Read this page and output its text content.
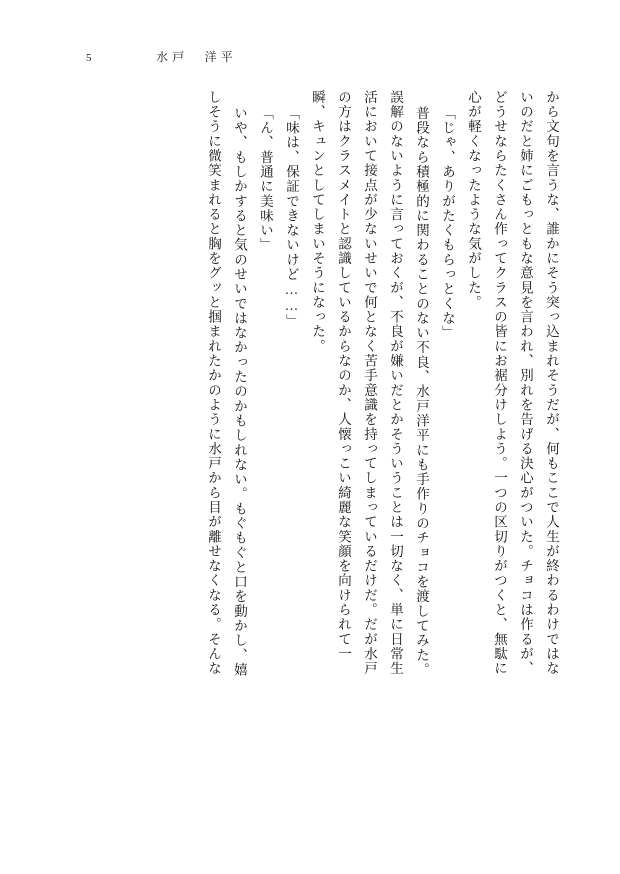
5	水戸　洋平
から文句を言うな、誰かにそう突っ込まれそうだが、何もここで人生が終わるわけではな
いのだと姉にごもっともな意見を言われ、別れを告げる決心がついた。チョコは作るが、
どうせならたくさん作ってクラスの皆にお裾分けしよう。一つの区切りがつくと、無駄に
心が軽くなったような気がした。
「じゃ、ありがたくもらっとくな」
普段なら積極的に関わることのない不良、水戸洋平にも手作りのチョコを渡してみた。
誤解のないように言っておくが、不良が嫌いだとかそういうことは一切なく、単に日常生
活において接点が少ないせいで何となく苦手意識を持ってしまっているだけだ。だが水戸
の方はクラスメイトと認識しているからなのか、人懐っこい綺麗な笑顔を向けられて一
瞬、キュンとしてしまいそうになった。
「味は、保証できないけど……」
「ん、普通に美味い」
いや、もしかすると気のせいではなかったのかもしれない。もぐもぐと口を動かし、嬉
しそうに微笑まれると胸をグッと掴まれたかのように水戸から目が離せなくなる。そんな
